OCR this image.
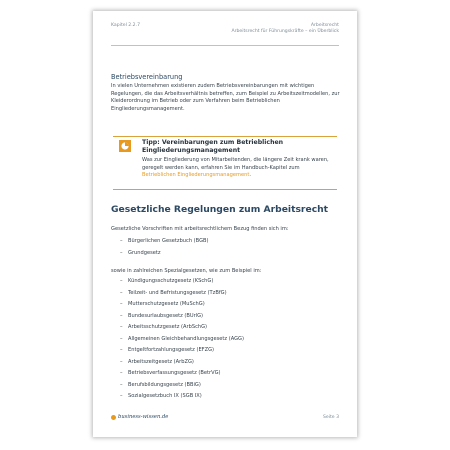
Kapitel 2.2.7	Arbeitsrecht
Arbeitsrecht für Führungskräfte – ein Überblick
Betriebsvereinbarung
In vielen Unternehmen existieren zudem Betriebsvereinbarungen mit wichtigen Regelungen, die das Arbeitsverhältnis betreffen, zum Beispiel zu Arbeitszeitmodellen, zur Kleiderordnung im Betrieb oder zum Verfahren beim Betrieblichen Eingliederungsmanagement.
Tipp: Vereinbarungen zum Betrieblichen Eingliederungsmanagement
Was zur Eingliederung von Mitarbeitenden, die längere Zeit krank waren, geregelt werden kann, erfahren Sie im Handbuch-Kapitel zum Betrieblichen Eingliederungsmanagement.
Gesetzliche Regelungen zum Arbeitsrecht
Gesetzliche Vorschriften mit arbeitsrechtlichem Bezug finden sich im:
– Bürgerlichen Gesetzbuch (BGB)
– Grundgesetz
sowie in zahlreichen Spezialgesetzen, wie zum Beispiel im:
– Kündigungsschutzgesetz (KSchG)
– Teilzeit- und Befristungsgesetz (TzBfG)
– Mutterschutzgesetz (MuSchG)
– Bundesurlaubsgesetz (BUrlG)
– Arbeitsschutzgesetz (ArbSchG)
– Allgemeinen Gleichbehandlungsgesetz (AGG)
– Entgeltfortzahlungsgesetz (EFZG)
– Arbeitszeitgesetz (ArbZG)
– Betriebsverfassungsgesetz (BetrVG)
– Berufsbildungsgesetz (BBiG)
– Sozialgesetzbuch IX (SGB IX)
business-wissen.de	Seite 3
